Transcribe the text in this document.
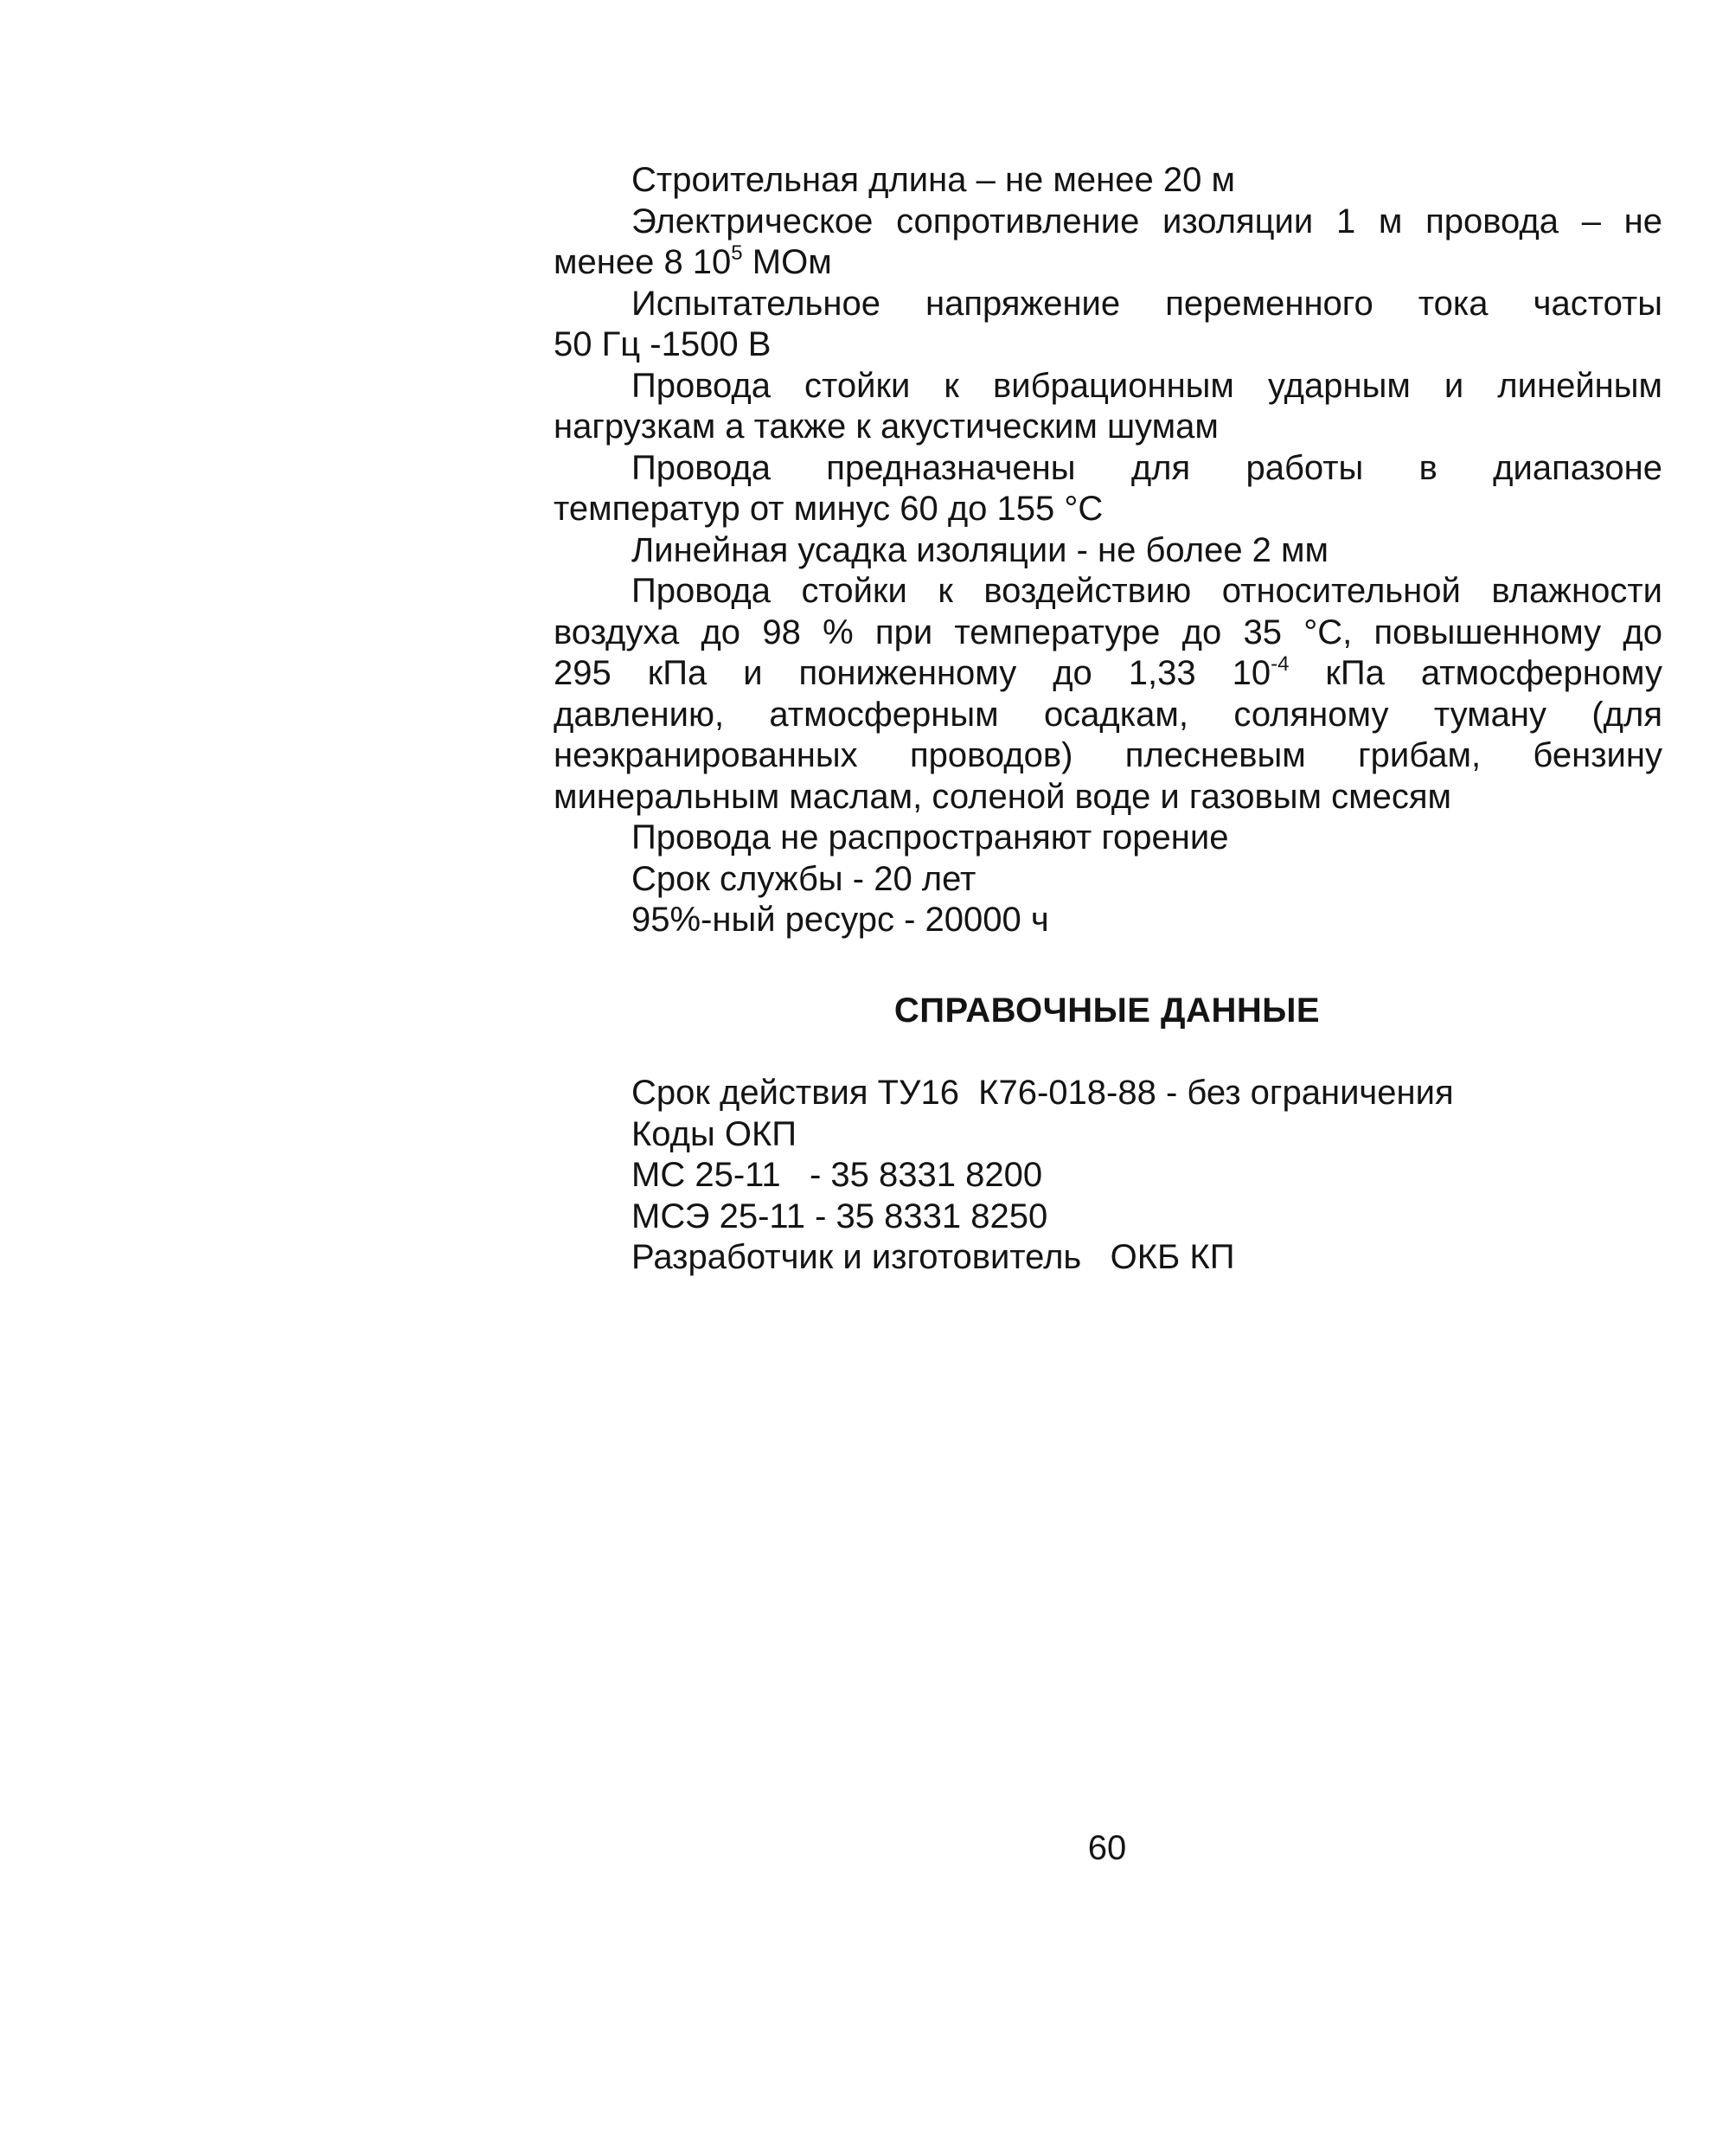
Строительная длина – не менее 20 м

Электрическое сопротивление изоляции 1 м провода – не

менее 8 $10^5$ МОм

Испытательное напряжение переменного тока частоты

50 Гц -1500 В

Провода стойки к вибрационным ударным и линейным

нагрузкам а также к акустическим шумам

Провода предназначены для работы в диапазоне

температур от минус 60 до 155 °С

Линейная усадка изоляции - не более 2 мм

Провода стойки к воздействию относительной влажности

воздуха до 98 % при температуре до 35 °С, повышенному до

295 кПа и пониженному до 1,33 $10^{-4}$ кПа атмосферному

давлению, атмосферным осадкам, соляному туману (для

неэкранированных проводов) плесневым грибам, бензину

минеральным маслам, соленой воде и газовым смесям

Провода не распространяют горение

Срок службы - 20 лет

95%-ный ресурс - 20000 ч

СПРАВОЧНЫЕ ДАННЫЕ
Срок действия ТУ16  К76-018-88 - без ограничения
Коды ОКП
МС 25-11   - 35 8331 8200
МСЭ 25-11 - 35 8331 8250
Разработчик и изготовитель   ОКБ КП
60
